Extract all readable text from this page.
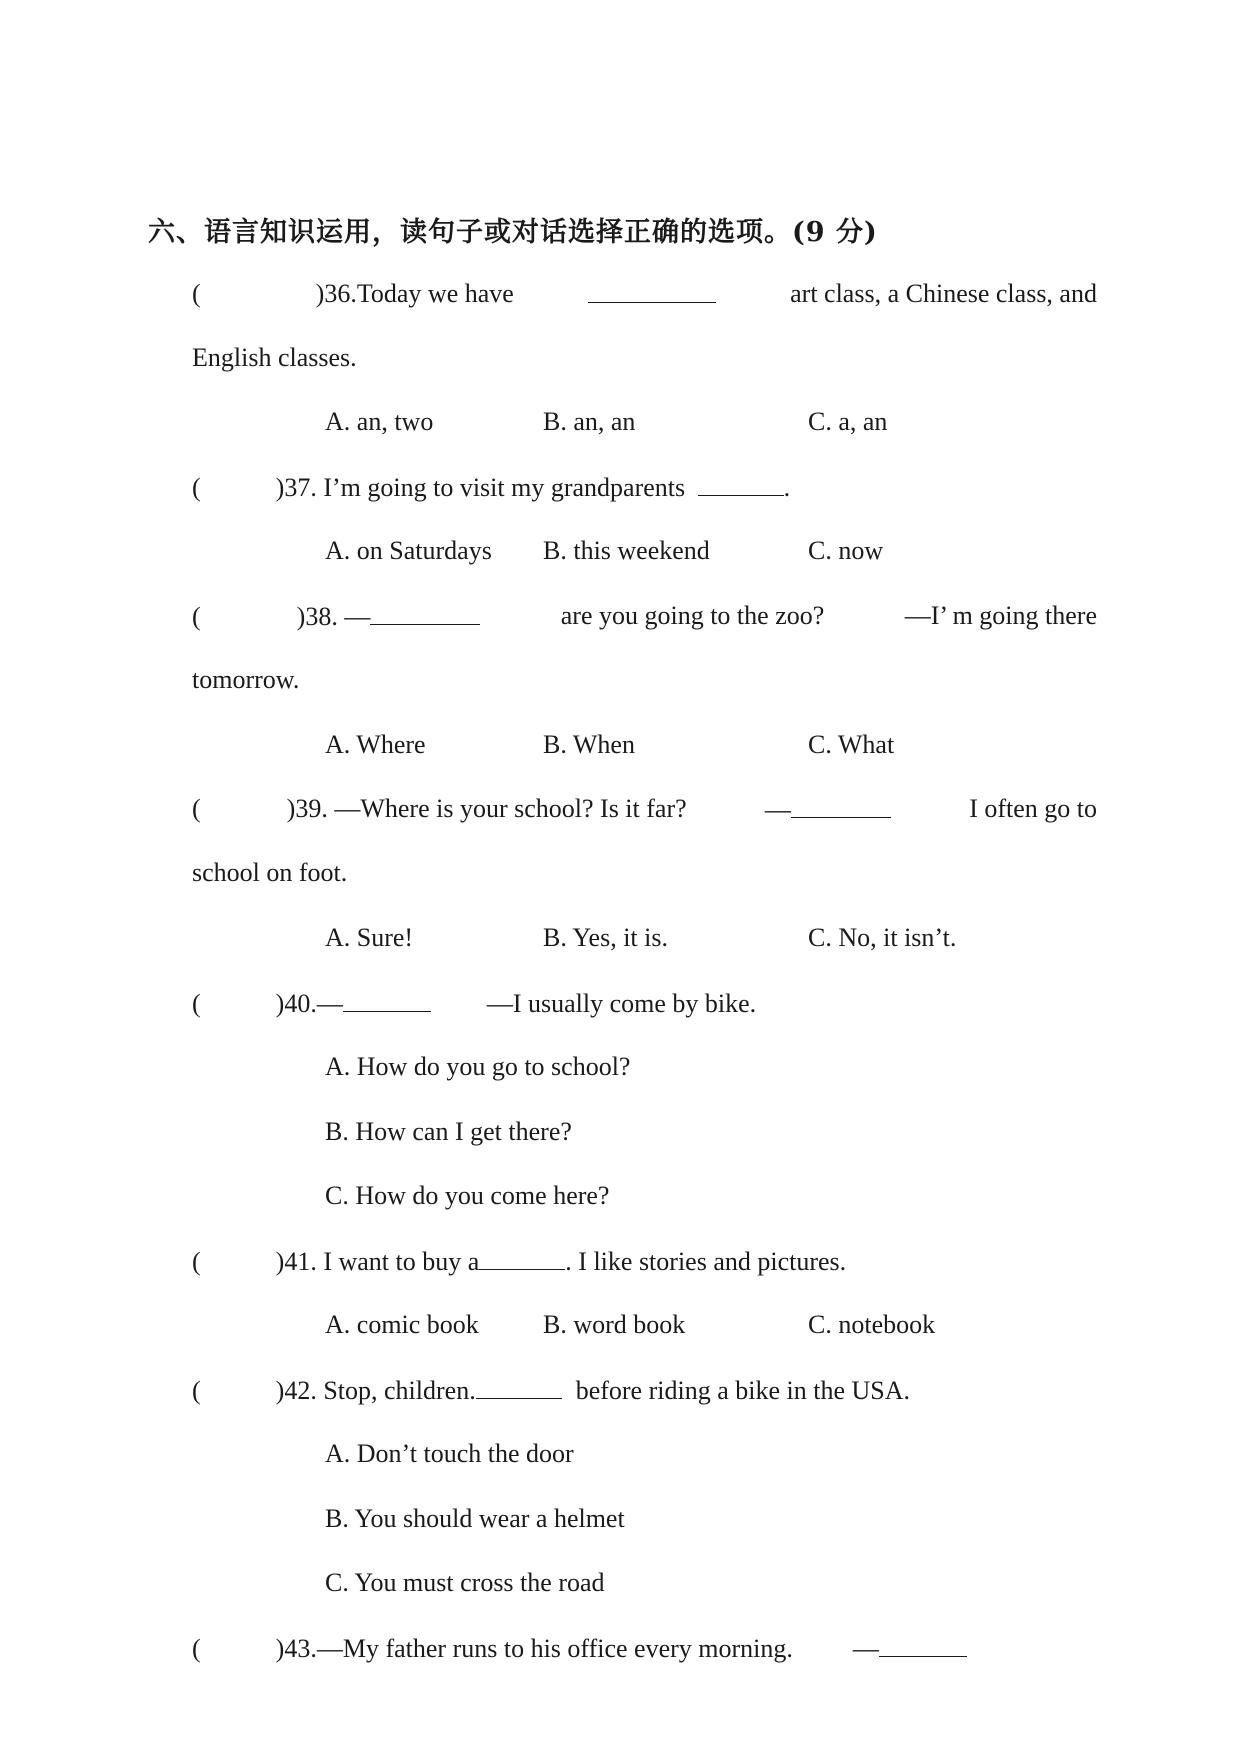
六、语言知识运用，读句子或对话选择正确的选项。(9 分)
(	)36.Today we have	art class, a Chinese class, and
English classes.
A. an, two	B. an, an	C. a, an
(	)37. I’m going to visit my grandparents	.
A. on Saturdays B. this weekend	C. now
(	)38. —	are you going to the zoo?	—I’ m going there
tomorrow.
A. Where	B. When	C. What
(	)39. —Where is your school? Is it far?	—	I often go to
school on foot.
A. Sure!	B. Yes, it is.	C. No, it isn’t.
(	)40.—	—I usually come by bike.
A. How do you go to school?
B. How can I get there?
C. How do you come here?
(	)41. I want to buy a	. I like stories and pictures.
A. comic book B. word book	C. notebook
(	)42. Stop, children.	before riding a bike in the USA.
A. Don’t touch the door
B. You should wear a helmet
C. You must cross the road
(	)43.—My father runs to his office every morning. —
